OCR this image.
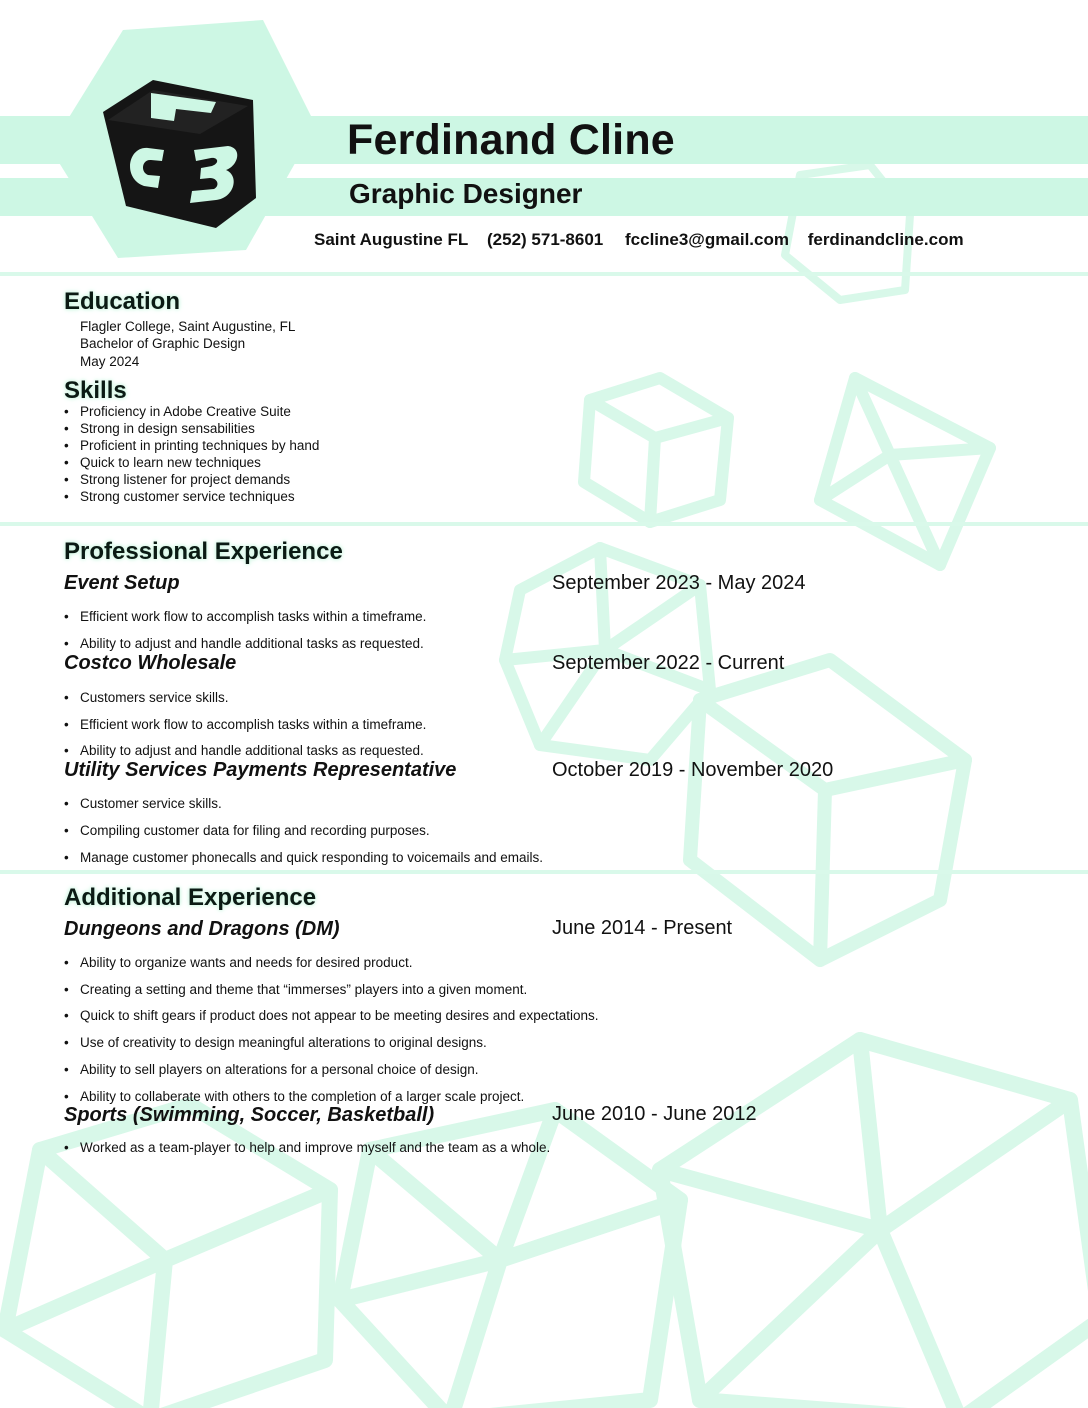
Ferdinand Cline
Graphic Designer
Saint Augustine FL (252) 571-8601 fccline3@gmail.com ferdinandcline.com
Education
Flagler College, Saint Augustine, FL
Bachelor of Graphic Design
May 2024
Skills
• Proficiency in Adobe Creative Suite
• Strong in design sensabilities
• Proficient in printing techniques by hand
• Quick to learn new techniques
• Strong listener for project demands
• Strong customer service techniques
Professional Experience
Event Setup	September 2023 - May 2024
• Efficient work flow to accomplish tasks within a timeframe.
• Ability to adjust and handle additional tasks as requested.
Costco Wholesale	September 2022 - Current
• Customers service skills.
• Efficient work flow to accomplish tasks within a timeframe.
• Ability to adjust and handle additional tasks as requested.
Utility Services Payments Representative	October 2019 - November 2020
• Customer service skills.
• Compiling customer data for filing and recording purposes.
• Manage customer phonecalls and quick responding to voicemails and emails.
Additional Experience
Dungeons and Dragons (DM)	June 2014 - Present
• Ability to organize wants and needs for desired product.
• Creating a setting and theme that “immerses” players into a given moment.
• Quick to shift gears if product does not appear to be meeting desires and expectations.
• Use of creativity to design meaningful alterations to original designs.
• Ability to sell players on alterations for a personal choice of design.
• Ability to collaberate with others to the completion of a larger scale project.
Sports (Swimming, Soccer, Basketball)	June 2010 - June 2012
• Worked as a team-player to help and improve myself and the team as a whole.
